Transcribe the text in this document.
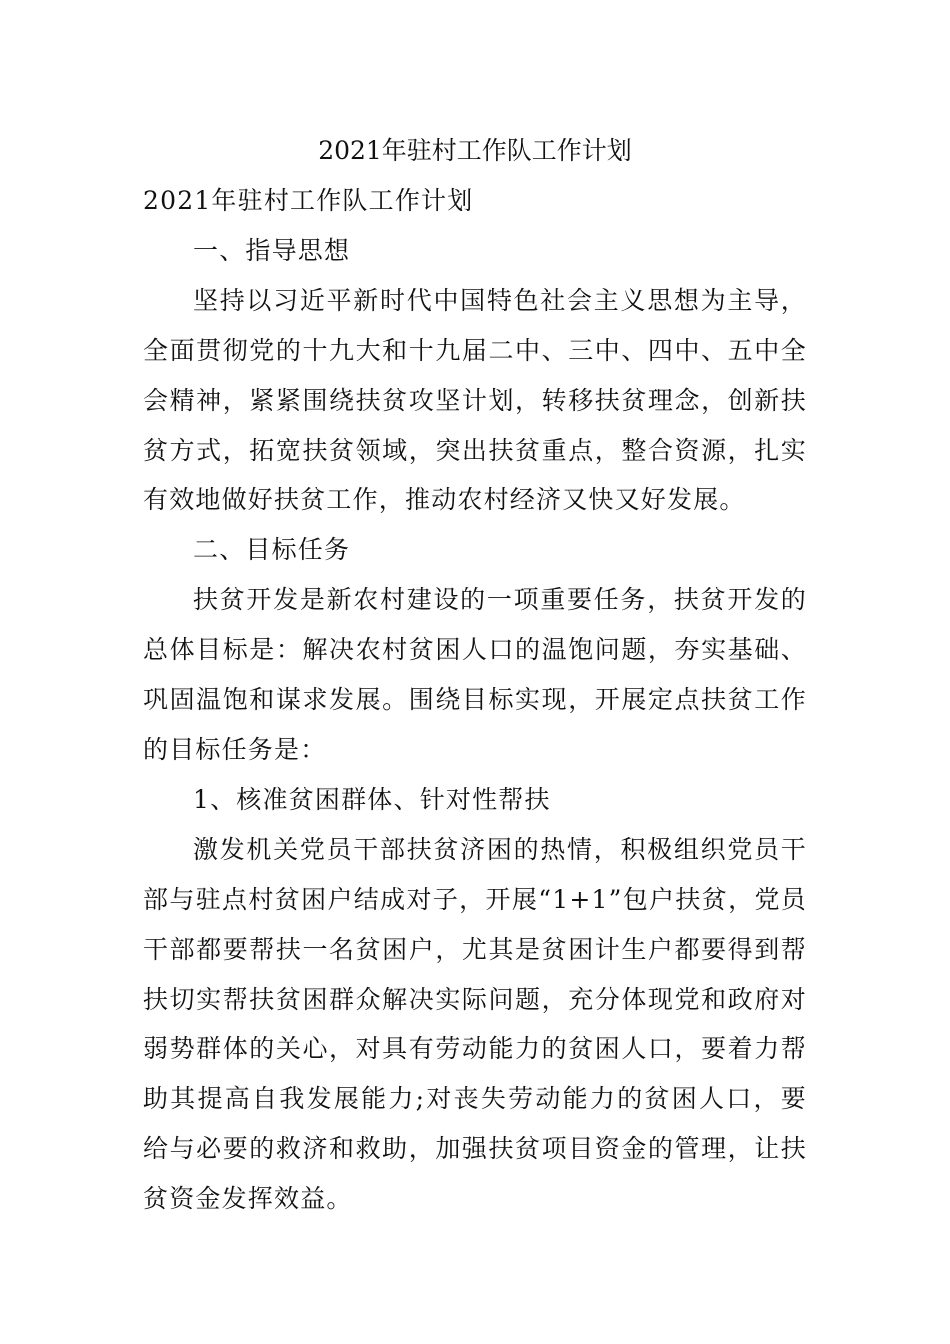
2021年驻村工作队工作计划

2021年驻村工作队工作计划

一、指导思想

坚持以习近平新时代中国特色社会主义思想为主导，全面贯彻党的十九大和十九届二中、三中、四中、五中全会精神，紧紧围绕扶贫攻坚计划，转移扶贫理念，创新扶贫方式，拓宽扶贫领域，突出扶贫重点，整合资源，扎实有效地做好扶贫工作，推动农村经济又快又好发展。

二、目标任务

扶贫开发是新农村建设的一项重要任务，扶贫开发的总体目标是：解决农村贫困人口的温饱问题，夯实基础、巩固温饱和谋求发展。围绕目标实现，开展定点扶贫工作的目标任务是：

1、核准贫困群体、针对性帮扶

激发机关党员干部扶贫济困的热情，积极组织党员干部与驻点村贫困户结成对子，开展“1+1”包户扶贫，党员干部都要帮扶一名贫困户，尤其是贫困计生户都要得到帮扶切实帮扶贫困群众解决实际问题，充分体现党和政府对弱势群体的关心，对具有劳动能力的贫困人口，要着力帮助其提高自我发展能力;对丧失劳动能力的贫困人口，要给与必要的救济和救助，加强扶贫项目资金的管理，让扶贫资金发挥效益。
